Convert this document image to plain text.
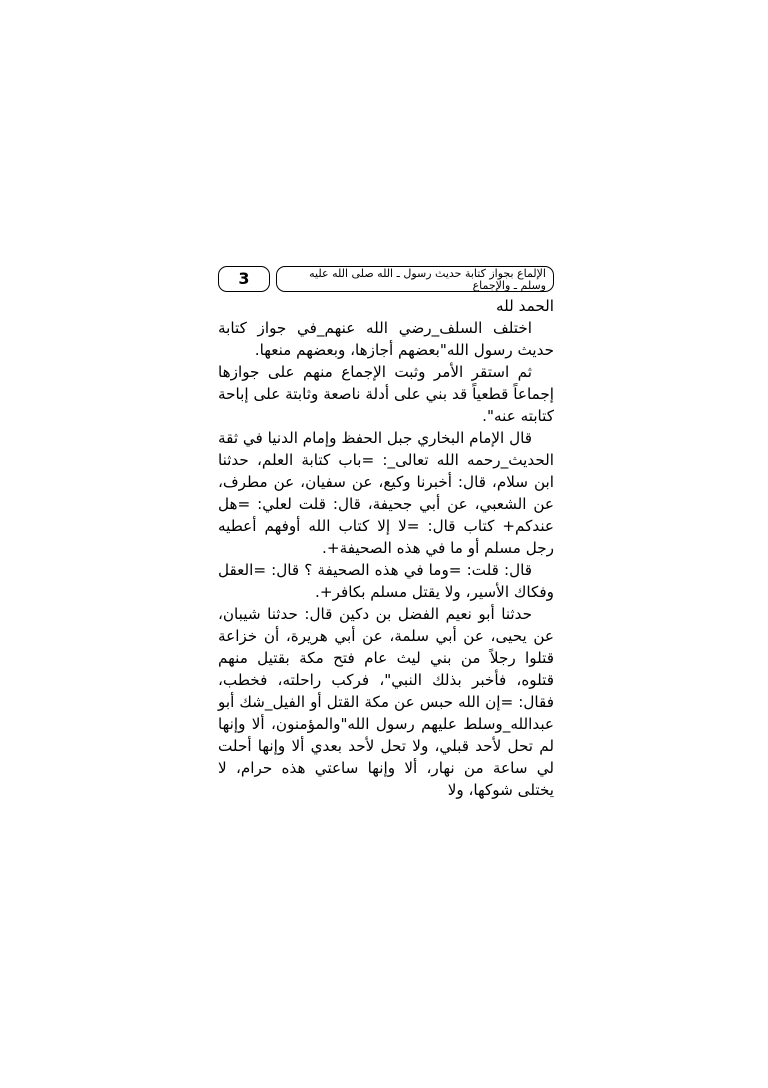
3	الإلماع بجواز كتابة حديث رسول ـ الله صلى الله عليه وسلم ـ والإجماع

الحمد لله

اختلف السلف_رضي الله عنهم_في جواز كتابة حديث رسول الله"بعضهم أجازها، وبعضهم منعها.

ثم استقر الأمر وثبت الإجماع منهم على جوازها إجماعاً قطعياً قد بني على أدلة ناصعة وثابتة على إباحة كتابته عنه".

قال الإمام البخاري جبل الحفظ وإمام الدنيا في ثقة الحديث_رحمه الله تعالى_: =باب كتابة العلم، حدثنا ابن سلام، قال: أخبرنا وكيع، عن سفيان، عن مطرف، عن الشعبي، عن أبي جحيفة، قال: قلت لعلي: =هل عندكم+ كتاب قال: =لا إلا كتاب الله أوفهم أعطيه رجل مسلم أو ما في هذه الصحيفة+.

قال: قلت: =وما في هذه الصحيفة ؟ قال: =العقل وفكاك الأسير، ولا يقتل مسلم بكافر+.

حدثنا أبو نعيم الفضل بن دكين قال: حدثنا شيبان، عن يحيى، عن أبي سلمة، عن أبي هريرة، أن خزاعة قتلوا رجلاً من بني ليث عام فتح مكة بقتيل منهم قتلوه، فأخبر بذلك النبي"، فركب راحلته، فخطب، فقال: =إن الله حبس عن مكة القتل أو الفيل_شك أبو عبدالله_وسلط عليهم رسول الله"والمؤمنون، ألا وإنها لم تحل لأحد قبلي، ولا تحل لأحد بعدي ألا وإنها أحلت لي ساعة من نهار، ألا وإنها ساعتي هذه حرام، لا يختلى شوكها، ولا
